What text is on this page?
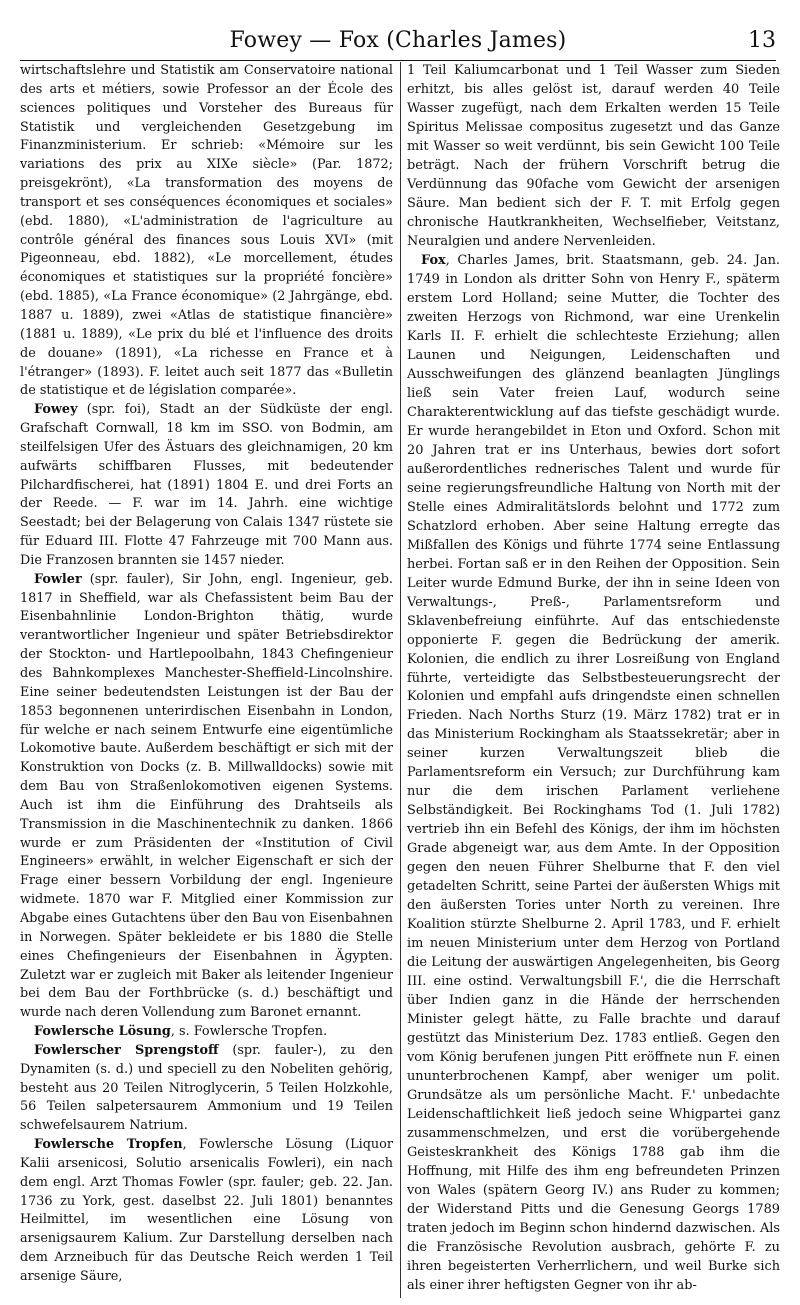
Fowey — Fox (Charles James)	13

wirtschaftslehre und Statistik am Conservatoire national des arts et métiers, sowie Professor an der École des sciences politiques und Vorsteher des Bureaus für Statistik und vergleichenden Gesetzgebung im Finanzministerium. Er schrieb: «Mémoire sur les variations des prix au XIXe siècle» (Par. 1872; preisgekrönt), «La transformation des moyens de transport et ses conséquences économiques et sociales» (ebd. 1880), «L'administration de l'agriculture au contrôle général des finances sous Louis XVI» (mit Pigeonneau, ebd. 1882), «Le morcellement, études économiques et statistiques sur la propriété foncière» (ebd. 1885), «La France économique» (2 Jahrgänge, ebd. 1887 u. 1889), zwei «Atlas de statistique financière» (1881 u. 1889), «Le prix du blé et l'influence des droits de douane» (1891), «La richesse en France et à l'étranger» (1893). F. leitet auch seit 1877 das «Bulletin de statistique et de législation comparée».

Fowey (spr. foi), Stadt an der Südküste der engl. Grafschaft Cornwall, 18 km im SSO. von Bodmin, am steilfelsigen Ufer des Ästuars des gleichnamigen, 20 km aufwärts schiffbaren Flusses, mit bedeutender Pilchardfischerei, hat (1891) 1804 E. und drei Forts an der Reede. — F. war im 14. Jahrh. eine wichtige Seestadt; bei der Belagerung von Calais 1347 rüstete sie für Eduard III. Flotte 47 Fahrzeuge mit 700 Mann aus. Die Franzosen brannten sie 1457 nieder.

Fowler (spr. fauler), Sir John, engl. Ingenieur, geb. 1817 in Sheffield, war als Chefassistent beim Bau der Eisenbahnlinie London-Brighton thätig, wurde verantwortlicher Ingenieur und später Betriebsdirektor der Stockton- und Hartlepoolbahn, 1843 Chefingenieur des Bahnkomplexes Manchester-Sheffield-Lincolnshire. Eine seiner bedeutendsten Leistungen ist der Bau der 1853 begonnenen unterirdischen Eisenbahn in London, für welche er nach seinem Entwurfe eine eigentümliche Lokomotive baute. Außerdem beschäftigt er sich mit der Konstruktion von Docks (z. B. Millwalldocks) sowie mit dem Bau von Straßenlokomotiven eigenen Systems. Auch ist ihm die Einführung des Drahtseils als Transmission in die Maschinentechnik zu danken. 1866 wurde er zum Präsidenten der «Institution of Civil Engineers» erwählt, in welcher Eigenschaft er sich der Frage einer bessern Vorbildung der engl. Ingenieure widmete. 1870 war F. Mitglied einer Kommission zur Abgabe eines Gutachtens über den Bau von Eisenbahnen in Norwegen. Später bekleidete er bis 1880 die Stelle eines Chefingenieurs der Eisenbahnen in Ägypten. Zuletzt war er zugleich mit Baker als leitender Ingenieur bei dem Bau der Forthbrücke (s. d.) beschäftigt und wurde nach deren Vollendung zum Baronet ernannt.

Fowlersche Lösung, s. Fowlersche Tropfen.

Fowlerscher Sprengstoff (spr. fauler-), zu den Dynamiten (s. d.) und speciell zu den Nobeliten gehörig, besteht aus 20 Teilen Nitroglycerin, 5 Teilen Holzkohle, 56 Teilen salpetersaurem Ammonium und 19 Teilen schwefelsaurem Natrium.

Fowlersche Tropfen, Fowlersche Lösung (Liquor Kalii arsenicosi, Solutio arsenicalis Fowleri), ein nach dem engl. Arzt Thomas Fowler (spr. fauler; geb. 22. Jan. 1736 zu York, gest. daselbst 22. Juli 1801) benanntes Heilmittel, im wesentlichen eine Lösung von arsenigsaurem Kalium. Zur Darstellung derselben nach dem Arzneibuch für das Deutsche Reich werden 1 Teil arsenige Säure,

1 Teil Kaliumcarbonat und 1 Teil Wasser zum Sieden erhitzt, bis alles gelöst ist, darauf werden 40 Teile Wasser zugefügt, nach dem Erkalten werden 15 Teile Spiritus Melissae compositus zugesetzt und das Ganze mit Wasser so weit verdünnt, bis sein Gewicht 100 Teile beträgt. Nach der frühern Vorschrift betrug die Verdünnung das 90fache vom Gewicht der arsenigen Säure. Man bedient sich der F. T. mit Erfolg gegen chronische Hautkrankheiten, Wechselfieber, Veitstanz, Neuralgien und andere Nervenleiden.

Fox, Charles James, brit. Staatsmann, geb. 24. Jan. 1749 in London als dritter Sohn von Henry F., späterm erstem Lord Holland; seine Mutter, die Tochter des zweiten Herzogs von Richmond, war eine Urenkelin Karls II. F. erhielt die schlechteste Erziehung; allen Launen und Neigungen, Leidenschaften und Ausschweifungen des glänzend beanlagten Jünglings ließ sein Vater freien Lauf, wodurch seine Charakterentwicklung auf das tiefste geschädigt wurde. Er wurde herangebildet in Eton und Oxford. Schon mit 20 Jahren trat er ins Unterhaus, bewies dort sofort außerordentliches rednerisches Talent und wurde für seine regierungsfreundliche Haltung von North mit der Stelle eines Admiralitätslords belohnt und 1772 zum Schatzlord erhoben. Aber seine Haltung erregte das Mißfallen des Königs und führte 1774 seine Entlassung herbei. Fortan saß er in den Reihen der Opposition. Sein Leiter wurde Edmund Burke, der ihn in seine Ideen von Verwaltungs-, Preß-, Parlamentsreform und Sklavenbefreiung einführte. Auf das entschiedenste opponierte F. gegen die Bedrückung der amerik. Kolonien, die endlich zu ihrer Losreißung von England führte, verteidigte das Selbstbesteuerungsrecht der Kolonien und empfahl aufs dringendste einen schnellen Frieden. Nach Norths Sturz (19. März 1782) trat er in das Ministerium Rockingham als Staatssekretär; aber in seiner kurzen Verwaltungszeit blieb die Parlamentsreform ein Versuch; zur Durchführung kam nur die dem irischen Parlament verliehene Selbständigkeit. Bei Rockinghams Tod (1. Juli 1782) vertrieb ihn ein Befehl des Königs, der ihm im höchsten Grade abgeneigt war, aus dem Amte. In der Opposition gegen den neuen Führer Shelburne that F. den viel getadelten Schritt, seine Partei der äußersten Whigs mit den äußersten Tories unter North zu vereinen. Ihre Koalition stürzte Shelburne 2. April 1783, und F. erhielt im neuen Ministerium unter dem Herzog von Portland die Leitung der auswärtigen Angelegenheiten, bis Georg III. eine ostind. Verwaltungsbill F.', die die Herrschaft über Indien ganz in die Hände der herrschenden Minister gelegt hätte, zu Falle brachte und darauf gestützt das Ministerium Dez. 1783 entließ. Gegen den vom König berufenen jungen Pitt eröffnete nun F. einen ununterbrochenen Kampf, aber weniger um polit. Grundsätze als um persönliche Macht. F.' unbedachte Leidenschaftlichkeit ließ jedoch seine Whigpartei ganz zusammenschmelzen, und erst die vorübergehende Geisteskrankheit des Königs 1788 gab ihm die Hoffnung, mit Hilfe des ihm eng befreundeten Prinzen von Wales (spätern Georg IV.) ans Ruder zu kommen; der Widerstand Pitts und die Genesung Georgs 1789 traten jedoch im Beginn schon hindernd dazwischen. Als die Französische Revolution ausbrach, gehörte F. zu ihren begeisterten Verherrlichern, und weil Burke sich als einer ihrer heftigsten Gegner von ihr ab-
